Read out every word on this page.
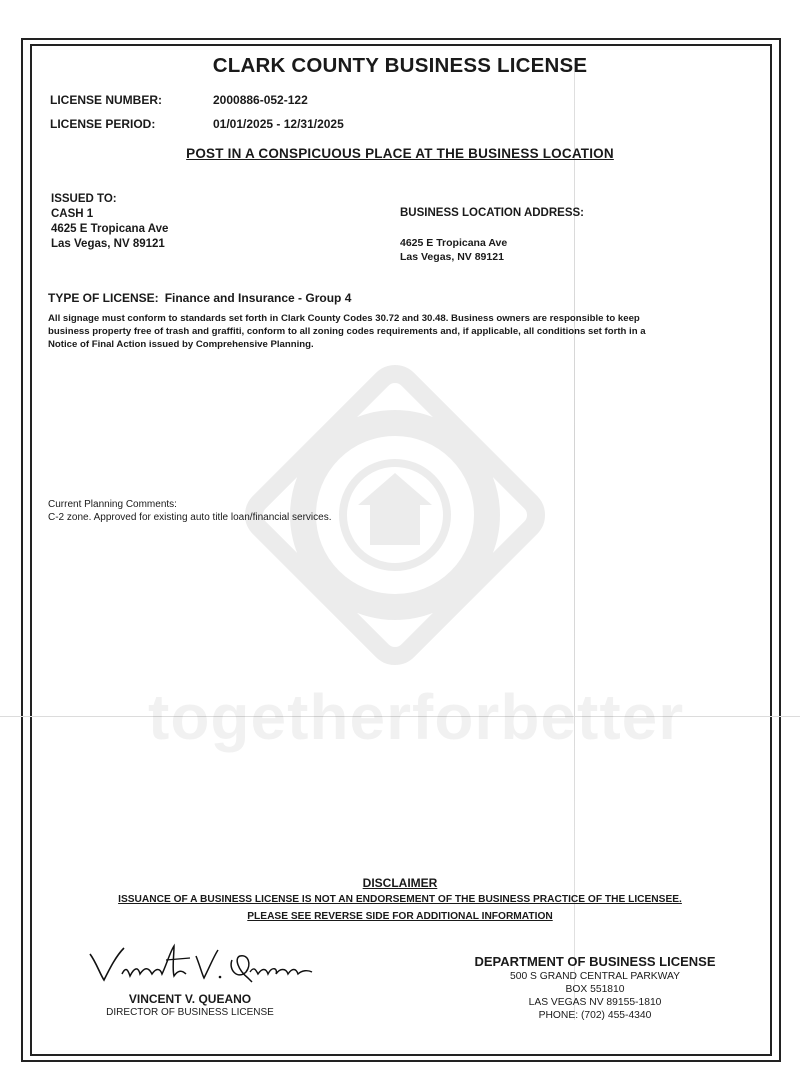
togetherforbetter
CLARK COUNTY BUSINESS LICENSE
LICENSE NUMBER:	2000886-052-122
LICENSE PERIOD:	01/01/2025 - 12/31/2025
POST IN A CONSPICUOUS PLACE AT THE BUSINESS LOCATION
ISSUED TO:
CASH 1
4625 E Tropicana Ave
Las Vegas, NV 89121
BUSINESS LOCATION ADDRESS:
4625 E Tropicana Ave
Las Vegas, NV 89121
TYPE OF LICENSE: Finance and Insurance - Group 4
All signage must conform to standards set forth in Clark County Codes 30.72 and 30.48. Business owners are responsible to keep
business property free of trash and graffiti, conform to all zoning codes requirements and, if applicable, all conditions set forth in a
Notice of Final Action issued by Comprehensive Planning.
Current Planning Comments:
C-2 zone. Approved for existing auto title loan/financial services.
DISCLAIMER
ISSUANCE OF A BUSINESS LICENSE IS NOT AN ENDORSEMENT OF THE BUSINESS PRACTICE OF THE LICENSEE.
PLEASE SEE REVERSE SIDE FOR ADDITIONAL INFORMATION
VINCENT V. QUEANO
DIRECTOR OF BUSINESS LICENSE
DEPARTMENT OF BUSINESS LICENSE
500 S GRAND CENTRAL PARKWAY
BOX 551810
LAS VEGAS NV 89155-1810
PHONE: (702) 455-4340
